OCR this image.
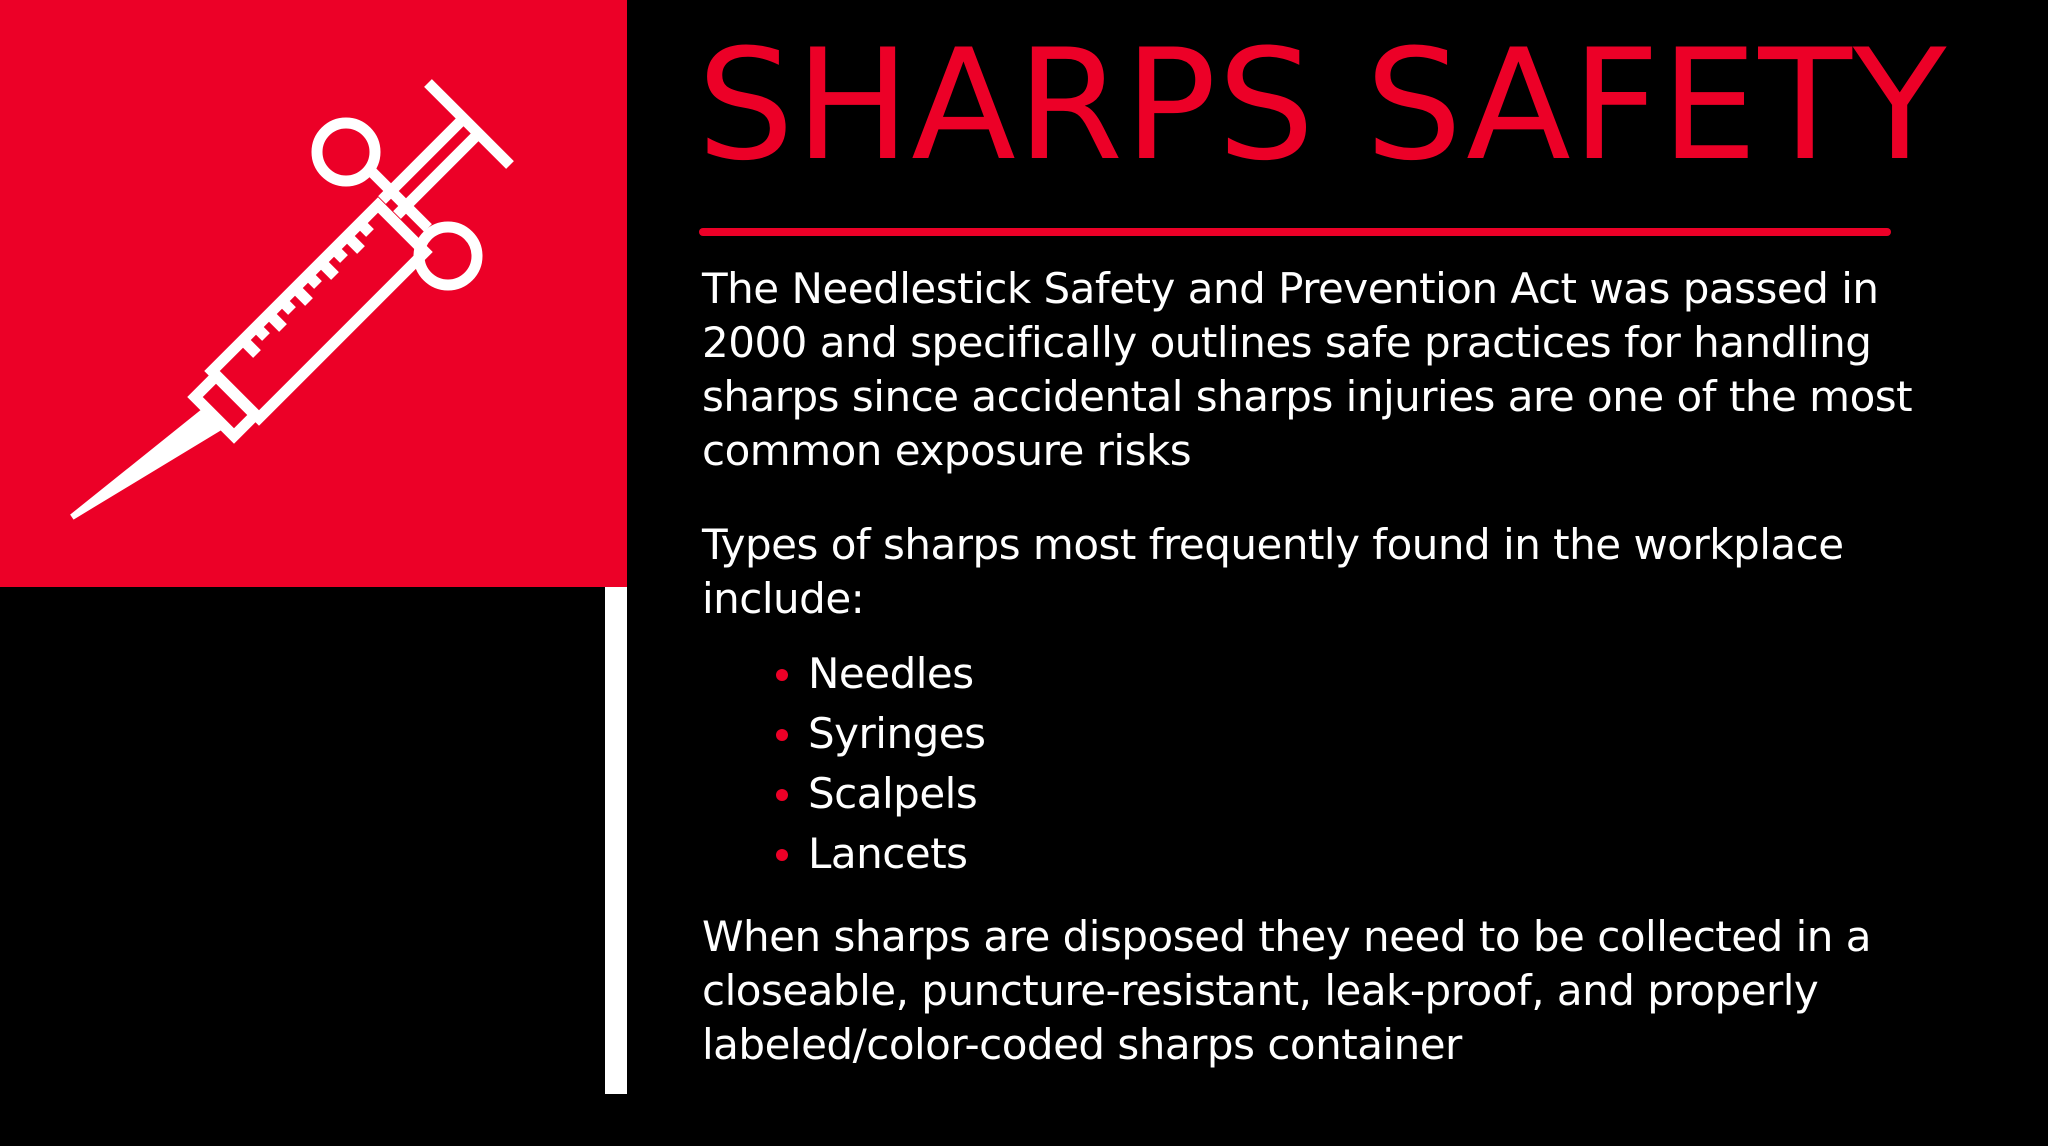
SHARPS SAFETY

The Needlestick Safety and Prevention Act was passed in 2000 and specifically outlines safe practices for handling sharps since accidental sharps injuries are one of the most common exposure risks

Types of sharps most frequently found in the workplace include:

Needles
Syringes
Scalpels
Lancets

When sharps are disposed they need to be collected in a closeable, puncture-resistant, leak-proof, and properly labeled/color-coded sharps container
